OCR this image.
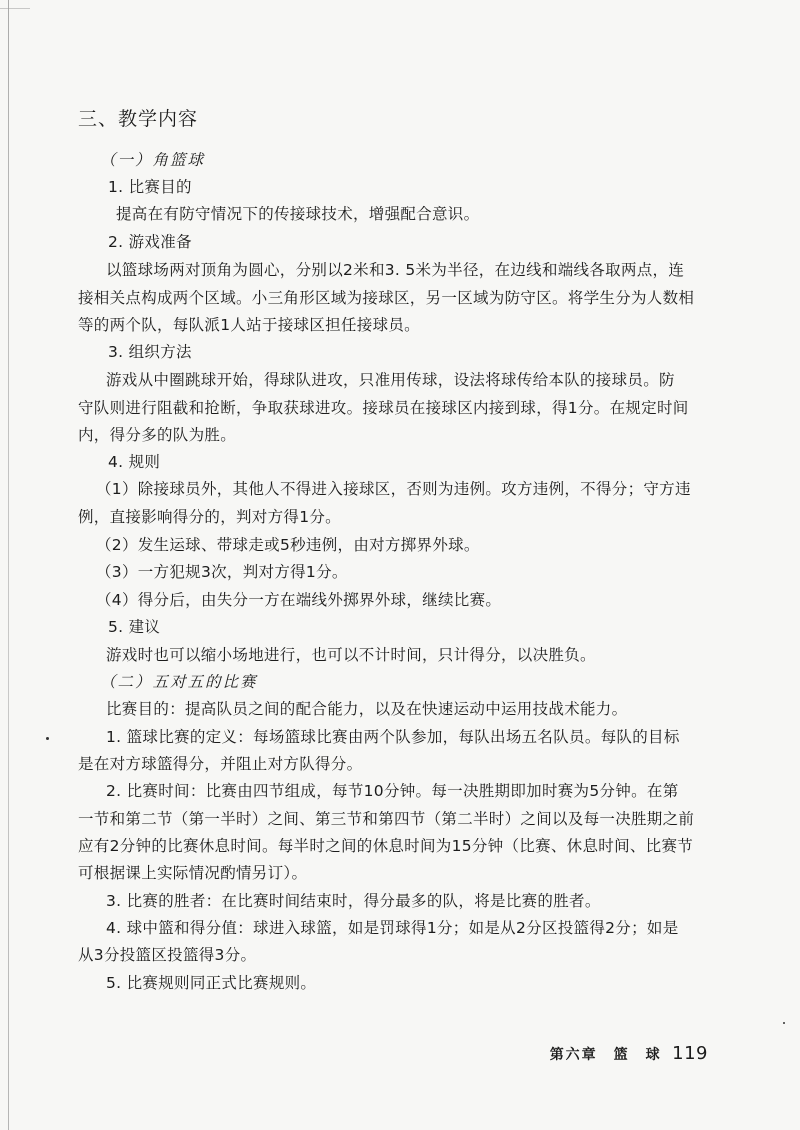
三、教学内容
（一）角篮球
1. 比赛目的
提高在有防守情况下的传接球技术，增强配合意识。
2. 游戏准备
以篮球场两对顶角为圆心，分别以2米和3. 5米为半径，在边线和端线各取两点，连
接相关点构成两个区域。小三角形区域为接球区，另一区域为防守区。将学生分为人数相
等的两个队，每队派1人站于接球区担任接球员。
3. 组织方法
游戏从中圈跳球开始，得球队进攻，只准用传球，设法将球传给本队的接球员。防
守队则进行阻截和抢断，争取获球进攻。接球员在接球区内接到球，得1分。在规定时间
内，得分多的队为胜。
4. 规则
（1）除接球员外，其他人不得进入接球区，否则为违例。攻方违例，不得分；守方违
例，直接影响得分的，判对方得1分。
（2）发生运球、带球走或5秒违例，由对方掷界外球。
（3）一方犯规3次，判对方得1分。
（4）得分后，由失分一方在端线外掷界外球，继续比赛。
5. 建议
游戏时也可以缩小场地进行，也可以不计时间，只计得分，以决胜负。
（二）五对五的比赛
比赛目的：提高队员之间的配合能力，以及在快速运动中运用技战术能力。
1. 篮球比赛的定义：每场篮球比赛由两个队参加，每队出场五名队员。每队的目标
是在对方球篮得分，并阻止对方队得分。
2. 比赛时间：比赛由四节组成，每节10分钟。每一决胜期即加时赛为5分钟。在第
一节和第二节（第一半时）之间、第三节和第四节（第二半时）之间以及每一决胜期之前
应有2分钟的比赛休息时间。每半时之间的休息时间为15分钟（比赛、休息时间、比赛节
可根据课上实际情况酌情另订）。
3. 比赛的胜者：在比赛时间结束时，得分最多的队，将是比赛的胜者。
4. 球中篮和得分值：球进入球篮，如是罚球得1分；如是从2分区投篮得2分；如是
从3分投篮区投篮得3分。
5. 比赛规则同正式比赛规则。
第六章　篮　球 119
